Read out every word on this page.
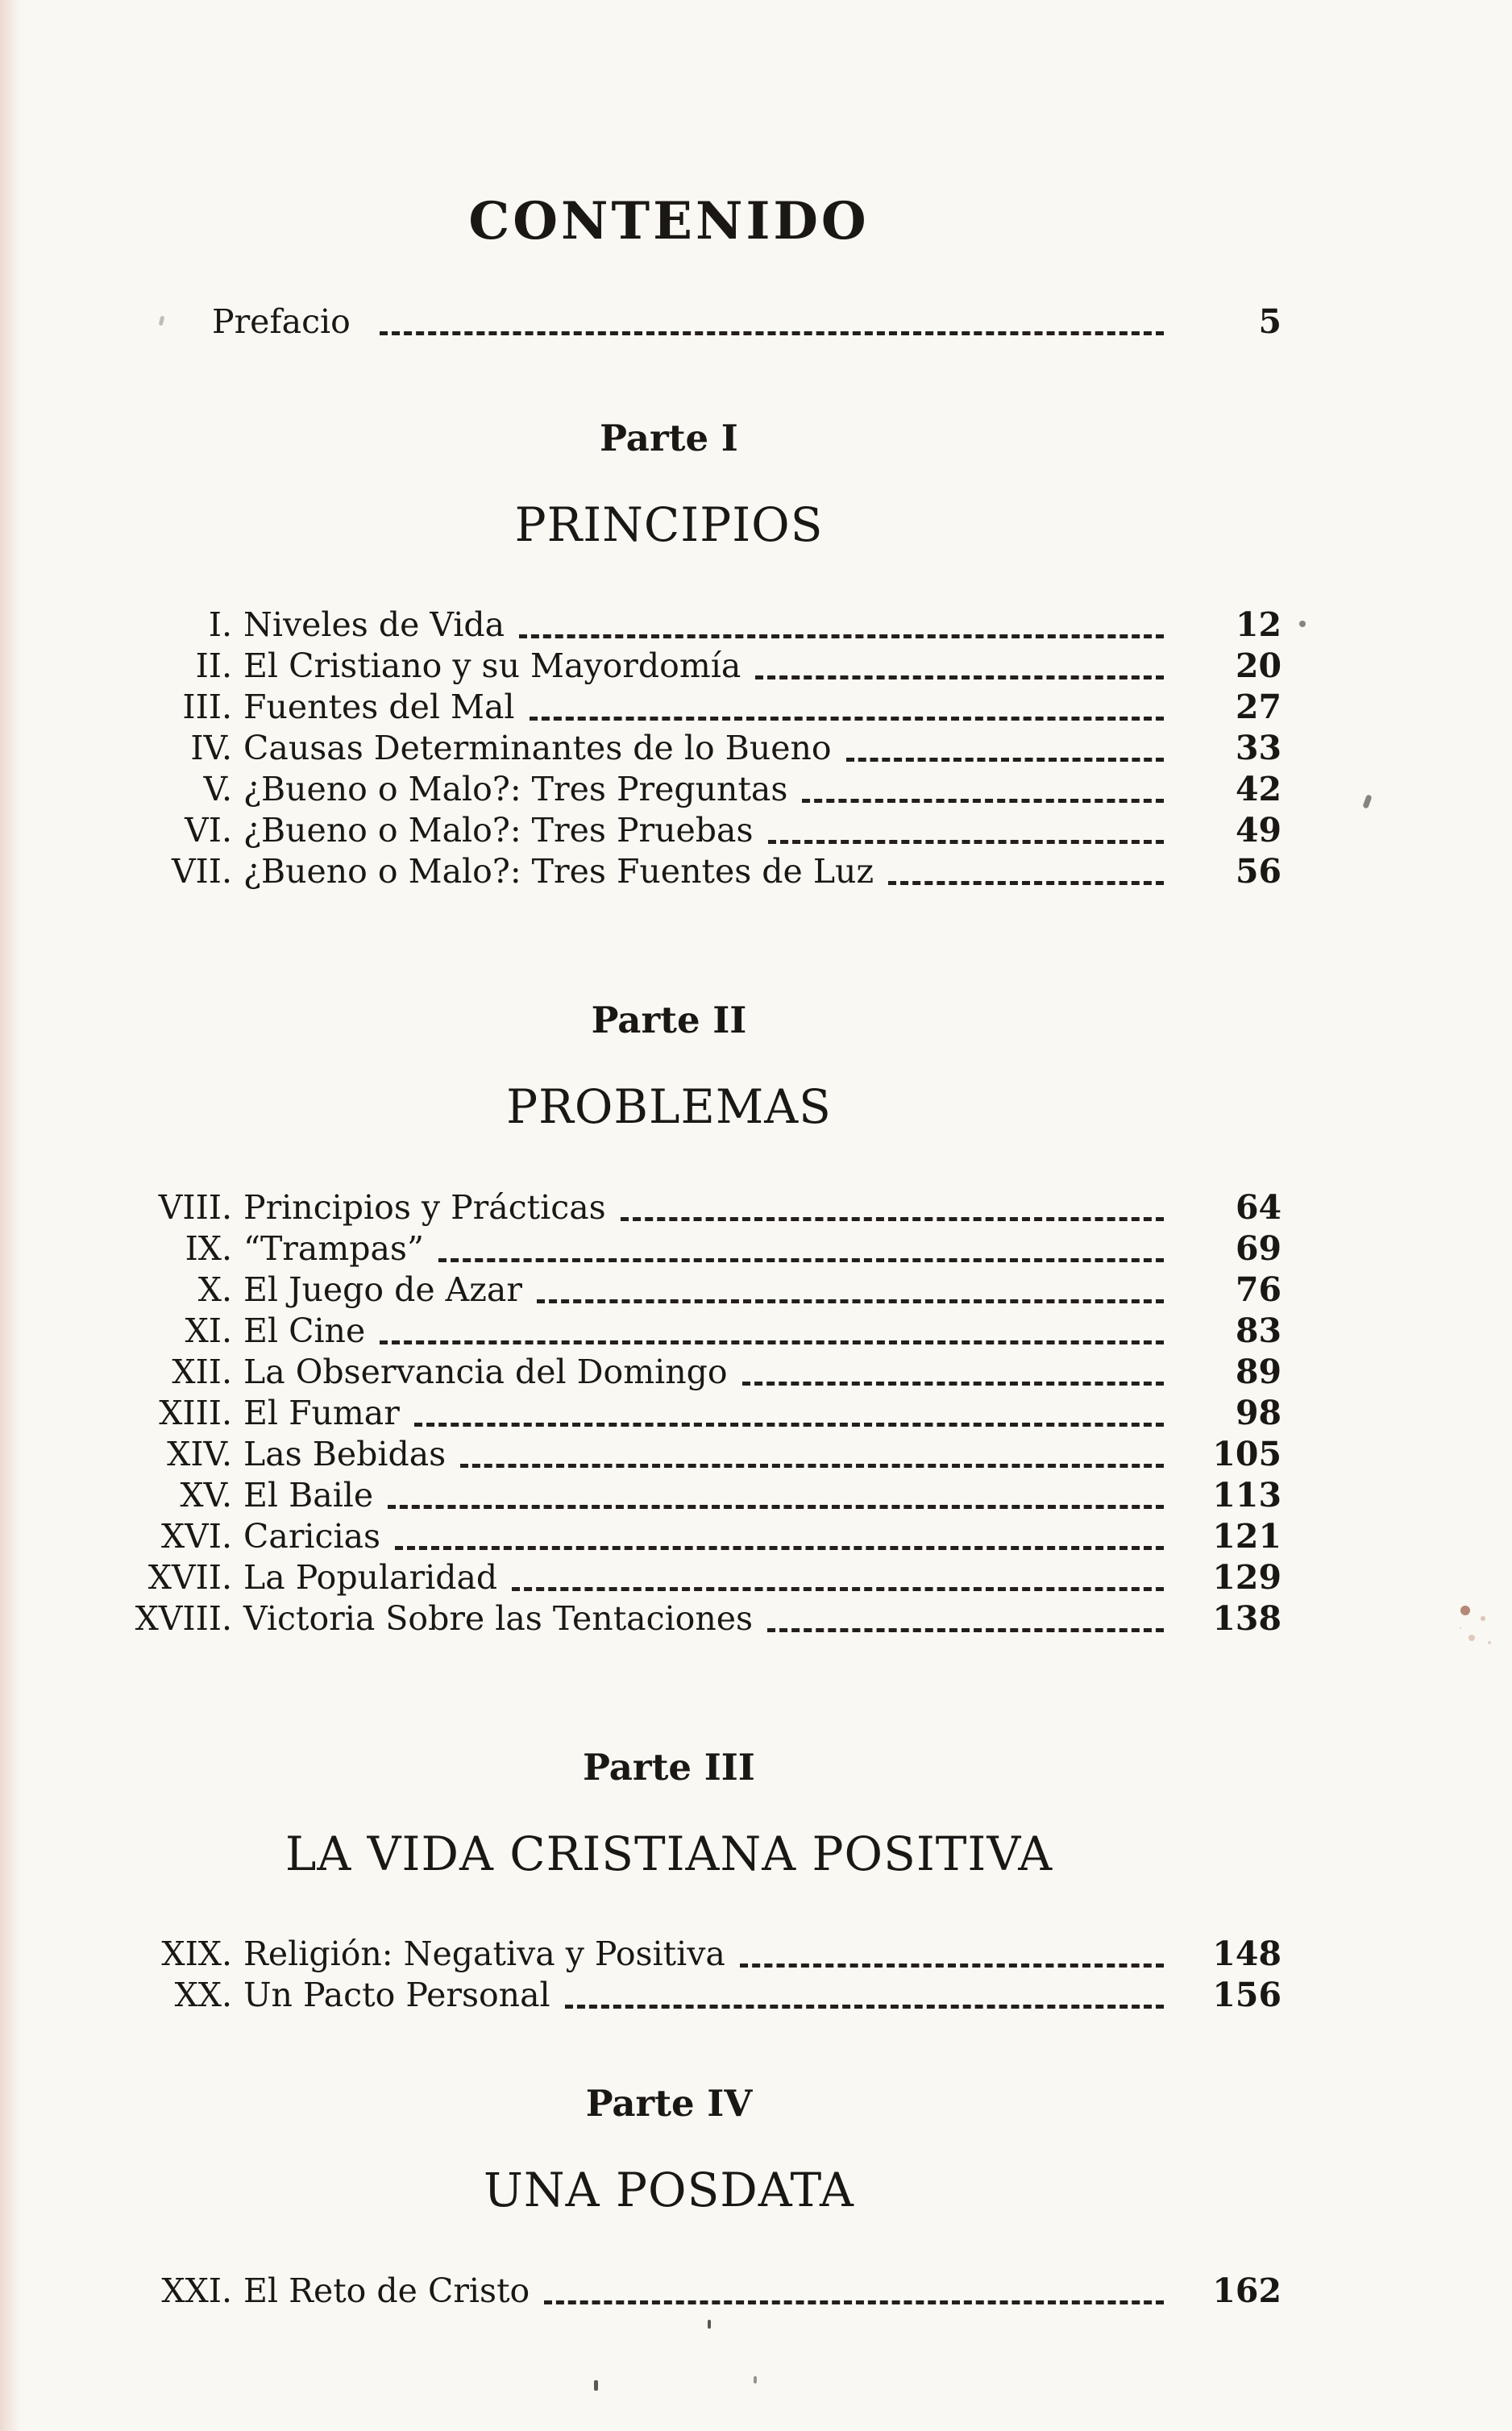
CONTENIDO
Prefacio	5
Parte I
PRINCIPIOS
I. Niveles de Vida	12
II. El Cristiano y su Mayordomía	20
III. Fuentes del Mal	27
IV. Causas Determinantes de lo Bueno	33
V. ¿Bueno o Malo?: Tres Preguntas	42
VI. ¿Bueno o Malo?: Tres Pruebas	49
VII. ¿Bueno o Malo?: Tres Fuentes de Luz	56
Parte II
PROBLEMAS
VIII. Principios y Prácticas	64
IX. “Trampas”	69
X. El Juego de Azar	76
XI. El Cine	83
XII. La Observancia del Domingo	89
XIII. El Fumar	98
XIV. Las Bebidas	105
XV. El Baile	113
XVI. Caricias	121
XVII. La Popularidad	129
XVIII. Victoria Sobre las Tentaciones	138
Parte III
LA VIDA CRISTIANA POSITIVA
XIX. Religión: Negativa y Positiva	148
XX. Un Pacto Personal	156
Parte IV
UNA POSDATA
XXI. El Reto de Cristo	162
